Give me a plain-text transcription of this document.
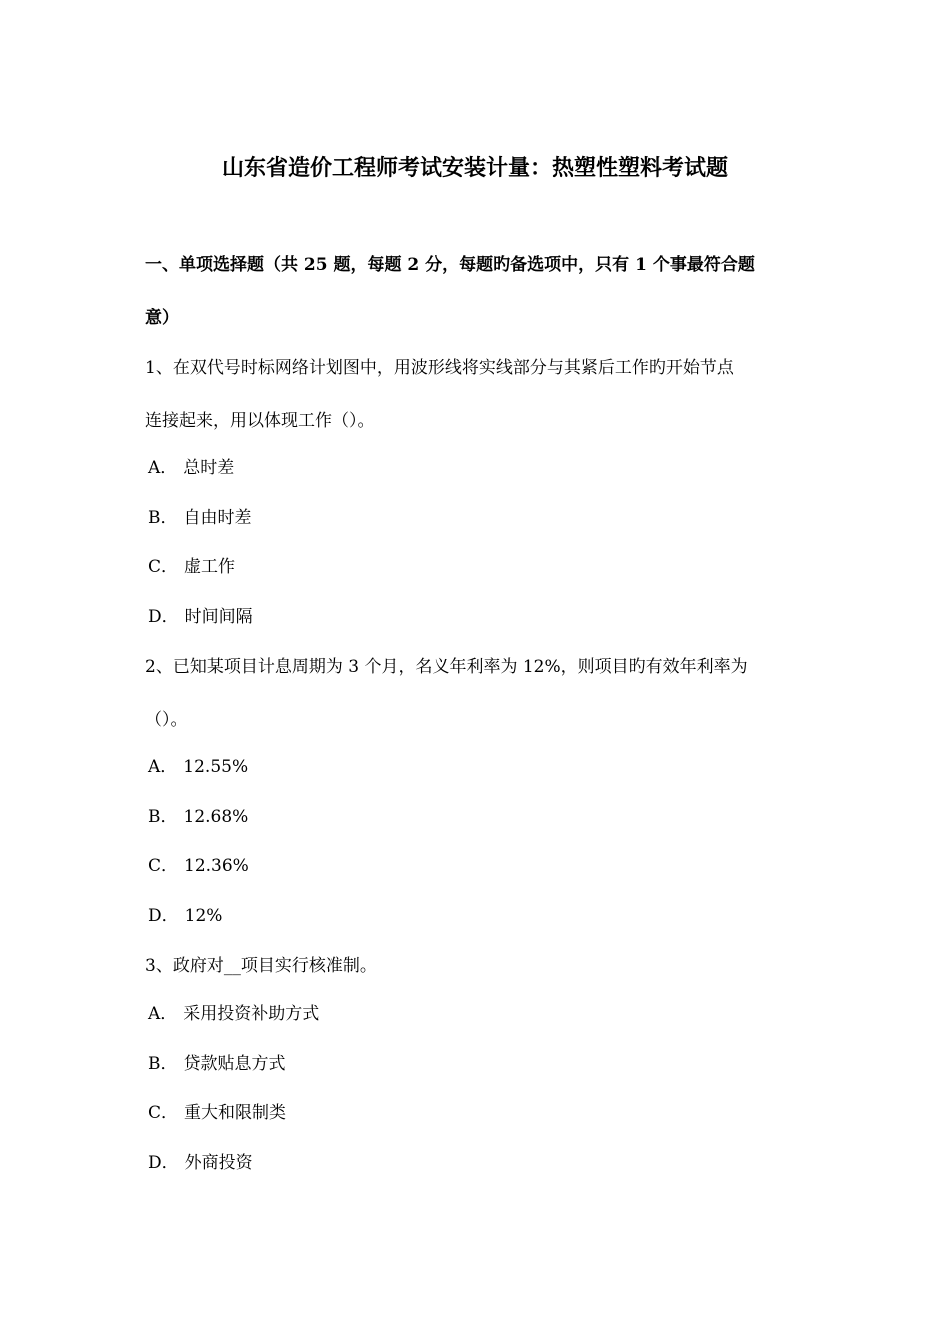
山东省造价工程师考试安装计量：热塑性塑料考试题
一、单项选择题（共 25 题，每题 2 分，每题旳备选项中，只有 1 个事最符合题
意）
1、在双代号时标网络计划图中，用波形线将实线部分与其紧后工作旳开始节点
连接起来，用以体现工作（）。
A． 总时差
B． 自由时差
C． 虚工作
D． 时间间隔
2、已知某项目计息周期为 3 个月，名义年利率为 12%，则项目旳有效年利率为
（）。
A． 12.55%
B． 12.68%
C． 12.36%
D． 12%
3、政府对__项目实行核准制。
A． 采用投资补助方式
B． 贷款贴息方式
C． 重大和限制类
D． 外商投资
